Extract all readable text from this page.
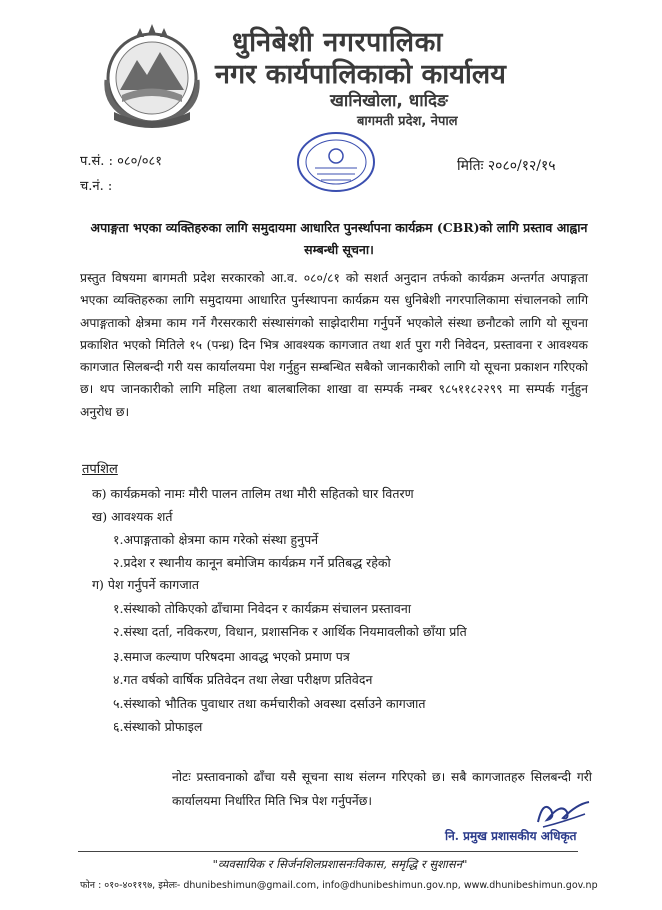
धुनिबेशी नगरपालिका
नगर कार्यपालिकाको कार्यालय
खानिखोला, धादिङ
बागमती प्रदेश, नेपाल
प.सं. : ०८०/०८१
च.नं. :
मितिः २०८०/१२/१५
अपाङ्गता भएका व्यक्तिहरुका लागि समुदायमा आधारित पुनर्स्थापना कार्यक्रम (CBR)को लागि प्रस्ताव आह्वान सम्बन्धी सूचना।
प्रस्तुत विषयमा बागमती प्रदेश सरकारको आ.व. ०८०/८१ को सशर्त अनुदान तर्फको कार्यक्रम अन्तर्गत अपाङ्गता भएका व्यक्तिहरुका लागि समुदायमा आधारित पुर्नस्थापना कार्यक्रम यस धुनिबेशी नगरपालिकामा संचालनको लागि अपाङ्गताको क्षेत्रमा काम गर्ने गैरसरकारी संस्थासंगको साझेदारीमा गर्नुपर्ने भएकोले संस्था छनौटको लागि यो सूचना प्रकाशित भएको मितिले १५ (पन्ध्र) दिन भित्र आवश्यक कागजात तथा शर्त पुरा गरी निवेदन, प्रस्तावना र आवश्यक कागजात सिलबन्दी गरी यस कार्यालयमा पेश गर्नुहुन सम्बन्धित सबैको जानकारीको लागि यो सूचना प्रकाशन गरिएको छ। थप जानकारीको लागि महिला तथा बालबालिका शाखा वा सम्पर्क नम्बर ९८५११८२२९९ मा सम्पर्क गर्नुहुन अनुरोध छ।
तपशिल
क) कार्यक्रमको नामः मौरी पालन तालिम तथा मौरी सहितको घार वितरण
ख) आवश्यक शर्त
१.अपाङ्गताको क्षेत्रमा काम गरेको संस्था हुनुपर्ने
२.प्रदेश र स्थानीय कानून बमोजिम कार्यक्रम गर्ने प्रतिबद्ध रहेको
ग) पेश गर्नुपर्ने कागजात
१.संस्थाको तोकिएको ढाँचामा निवेदन र कार्यक्रम संचालन प्रस्तावना
२.संस्था दर्ता, नविकरण, विधान, प्रशासनिक र आर्थिक नियमावलीको छाँया प्रति
३.समाज कल्याण परिषदमा आवद्ध भएको प्रमाण पत्र
४.गत वर्षको वार्षिक प्रतिवेदन तथा लेखा परीक्षण प्रतिवेदन
५.संस्थाको भौतिक पुवाधार तथा कर्मचारीको अवस्था दर्साउने कागजात
६.संस्थाको प्रोफाइल
नोटः प्रस्तावनाको ढाँचा यसै सूचना साथ संलग्न गरिएको छ। सबै कागजातहरु सिलबन्दी गरी कार्यालयमा निर्धारित मिति भित्र पेश गर्नुपर्नेछ।
नि. प्रमुख प्रशासकीय अधिकृत
"व्यवसायिक र सिर्जनशिलप्रशासनःविकास, समृद्धि र सुशासन"
फोन : ०१०-४०११९७, इमेलः- dhunibeshimun@gmail.com, info@dhunibeshimun.gov.np, www.dhunibeshimun.gov.np
